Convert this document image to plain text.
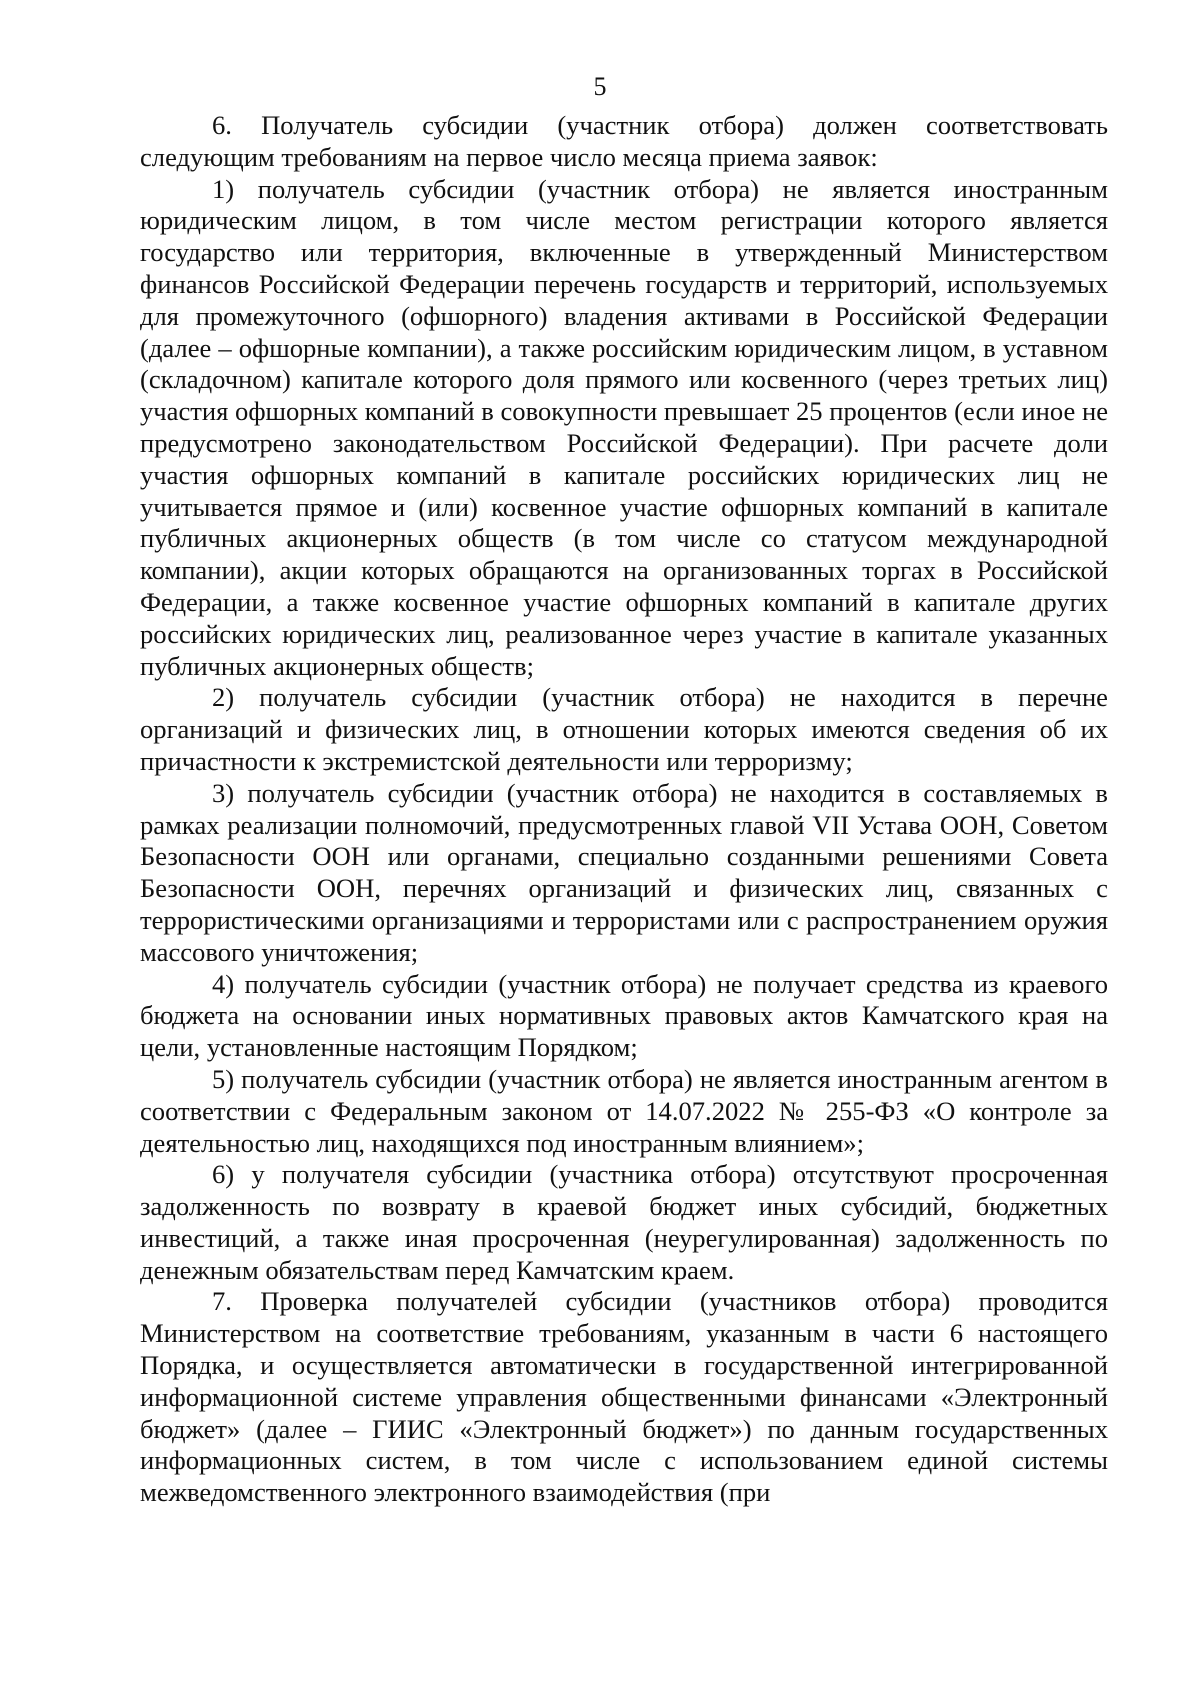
5

6. Получатель субсидии (участник отбора) должен соответствовать следующим требованиям на первое число месяца приема заявок:

1) получатель субсидии (участник отбора) не является иностранным юридическим лицом, в том числе местом регистрации которого является государство или территория, включенные в утвержденный Министерством финансов Российской Федерации перечень государств и территорий, используемых для промежуточного (офшорного) владения активами в Российской Федерации (далее – офшорные компании), а также российским юридическим лицом, в уставном (складочном) капитале которого доля прямого или косвенного (через третьих лиц) участия офшорных компаний в совокупности превышает 25 процентов (если иное не предусмотрено законодательством Российской Федерации). При расчете доли участия офшорных компаний в капитале российских юридических лиц не учитывается прямое и (или) косвенное участие офшорных компаний в капитале публичных акционерных обществ (в том числе со статусом международной компании), акции которых обращаются на организованных торгах в Российской Федерации, а также косвенное участие офшорных компаний в капитале других российских юридических лиц, реализованное через участие в капитале указанных публичных акционерных обществ;

2) получатель субсидии (участник отбора) не находится в перечне организаций и физических лиц, в отношении которых имеются сведения об их причастности к экстремистской деятельности или терроризму;

3) получатель субсидии (участник отбора) не находится в составляемых в рамках реализации полномочий, предусмотренных главой VII Устава ООН, Советом Безопасности ООН или органами, специально созданными решениями Совета Безопасности ООН, перечнях организаций и физических лиц, связанных с террористическими организациями и террористами или с распространением оружия массового уничтожения;

4) получатель субсидии (участник отбора) не получает средства из краевого бюджета на основании иных нормативных правовых актов Камчатского края на цели, установленные настоящим Порядком;

5) получатель субсидии (участник отбора) не является иностранным агентом в соответствии с Федеральным законом от 14.07.2022 № 255-ФЗ «О контроле за деятельностью лиц, находящихся под иностранным влиянием»;

6) у получателя субсидии (участника отбора) отсутствуют просроченная задолженность по возврату в краевой бюджет иных субсидий, бюджетных инвестиций, а также иная просроченная (неурегулированная) задолженность по денежным обязательствам перед Камчатским краем.

7. Проверка получателей субсидии (участников отбора) проводится Министерством на соответствие требованиям, указанным в части 6 настоящего Порядка, и осуществляется автоматически в государственной интегрированной информационной системе управления общественными финансами «Электронный бюджет» (далее – ГИИС «Электронный бюджет») по данным государственных информационных систем, в том числе с использованием единой системы межведомственного электронного взаимодействия (при
